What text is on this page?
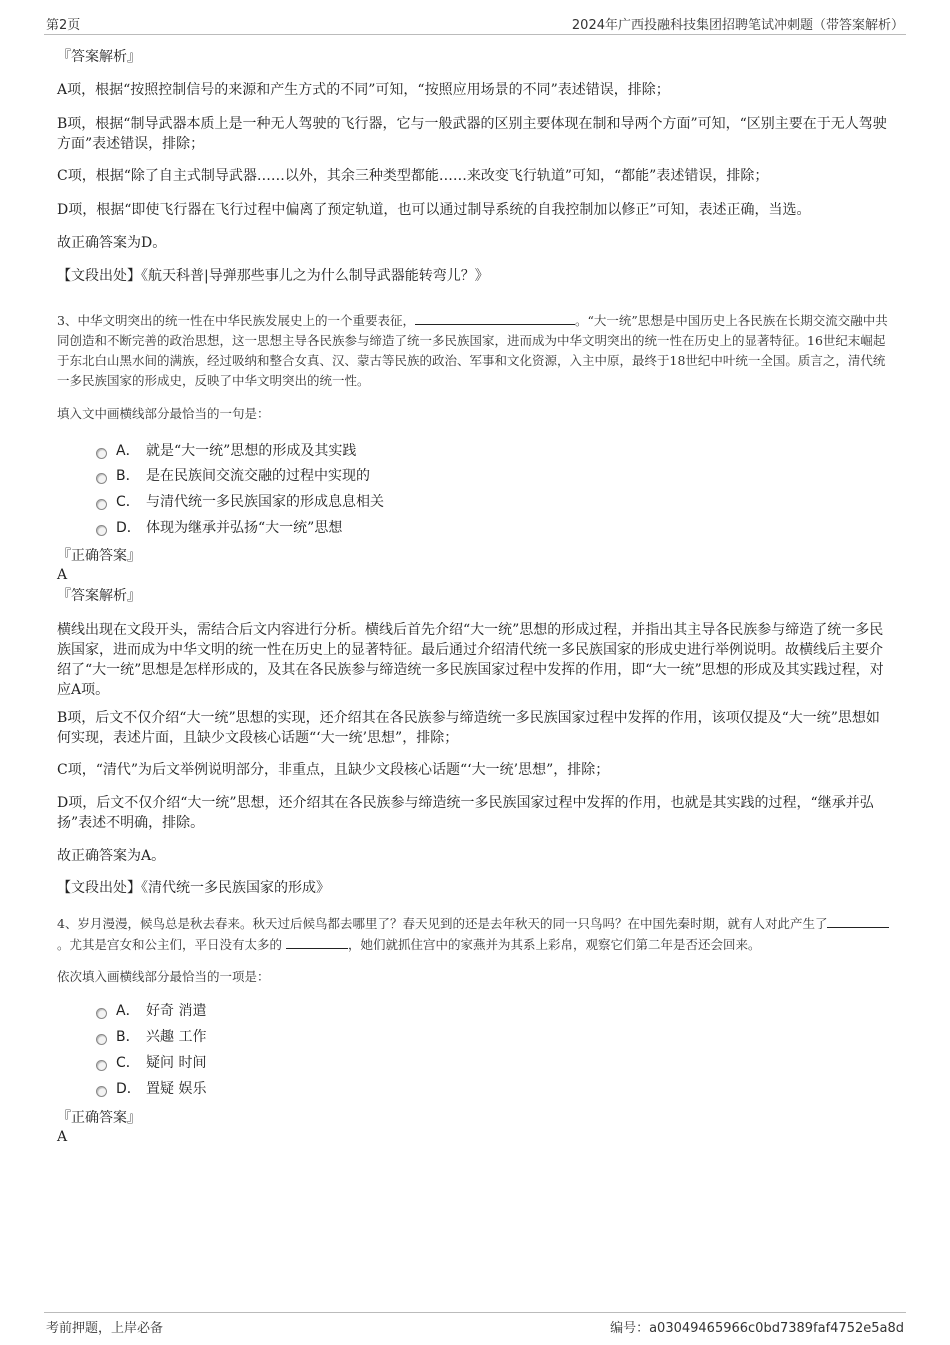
第2页	2024年广西投融科技集团招聘笔试冲刺题（带答案解析）
『答案解析』

A项，根据“按照控制信号的来源和产生方式的不同”可知，“按照应用场景的不同”表述错误，排除；

B项，根据“制导武器本质上是一种无人驾驶的飞行器，它与一般武器的区别主要体现在制和导两个方面”可知，“区别主要在于无人驾驶方面”表述错误，排除；

C项，根据“除了自主式制导武器……以外，其余三种类型都能……来改变飞行轨道”可知，“都能”表述错误，排除；

D项，根据“即使飞行器在飞行过程中偏离了预定轨道，也可以通过制导系统的自我控制加以修正”可知，表述正确，当选。

故正确答案为D。

【文段出处】《航天科普|导弹那些事儿之为什么制导武器能转弯儿？》

3、中华文明突出的统一性在中华民族发展史上的一个重要表征，	。“大一统”思想是中国历史上各民族在长期交流交融中共同创造和不断完善的政治思想，这一思想主导各民族参与缔造了统一多民族国家，进而成为中华文明突出的统一性在历史上的显著特征。16世纪末崛起于东北白山黑水间的满族，经过吸纳和整合女真、汉、蒙古等民族的政治、军事和文化资源，入主中原，最终于18世纪中叶统一全国。质言之，清代统一多民族国家的形成史，反映了中华文明突出的统一性。

填入文中画横线部分最恰当的一句是：

A． 就是“大一统”思想的形成及其实践
B． 是在民族间交流交融的过程中实现的
C． 与清代统一多民族国家的形成息息相关
D． 体现为继承并弘扬“大一统”思想
『正确答案』
A
『答案解析』

横线出现在文段开头，需结合后文内容进行分析。横线后首先介绍“大一统”思想的形成过程，并指出其主导各民族参与缔造了统一多民族国家，进而成为中华文明的统一性在历史上的显著特征。最后通过介绍清代统一多民族国家的形成史进行举例说明。故横线后主要介绍了“大一统”思想是怎样形成的，及其在各民族参与缔造统一多民族国家过程中发挥的作用，即“大一统”思想的形成及其实践过程，对应A项。

B项，后文不仅介绍“大一统”思想的实现，还介绍其在各民族参与缔造统一多民族国家过程中发挥的作用，该项仅提及“大一统”思想如何实现，表述片面，且缺少文段核心话题“‘大一统’思想”，排除；

C项，“清代”为后文举例说明部分，非重点，且缺少文段核心话题“‘大一统’思想”，排除；

D项，后文不仅介绍“大一统”思想，还介绍其在各民族参与缔造统一多民族国家过程中发挥的作用，也就是其实践的过程，“继承并弘扬”表述不明确，排除。

故正确答案为A。

【文段出处】《清代统一多民族国家的形成》

4、岁月漫漫，候鸟总是秋去春来。秋天过后候鸟都去哪里了？春天见到的还是去年秋天的同一只鸟吗？在中国先秦时期，就有人对此产生了。尤其是宫女和公主们，平日没有太多的	，她们就抓住宫中的家燕并为其系上彩帛，观察它们第二年是否还会回来。

依次填入画横线部分最恰当的一项是：

A． 好奇 消遣
B． 兴趣 工作
C． 疑问 时间
D． 置疑 娱乐
『正确答案』
A
考前押题，上岸必备	编号：a03049465966c0bd7389faf4752e5a8d
